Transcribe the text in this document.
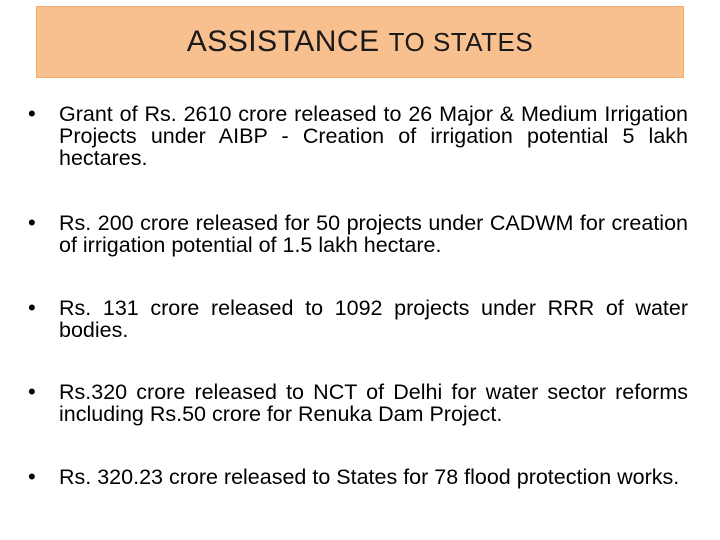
ASSISTANCE TO STATES
• Grant of Rs. 2610 crore released to 26 Major & Medium Irrigation Projects under AIBP - Creation of irrigation potential 5 lakh hectares.
• Rs. 200 crore released for 50 projects under CADWM for creation of irrigation potential of 1.5 lakh hectare.
• Rs. 131 crore released to 1092 projects under RRR of water bodies.
• Rs.320 crore released to NCT of Delhi for water sector reforms including Rs.50 crore for Renuka Dam Project.
• Rs. 320.23 crore released to States for 78 flood protection works.
